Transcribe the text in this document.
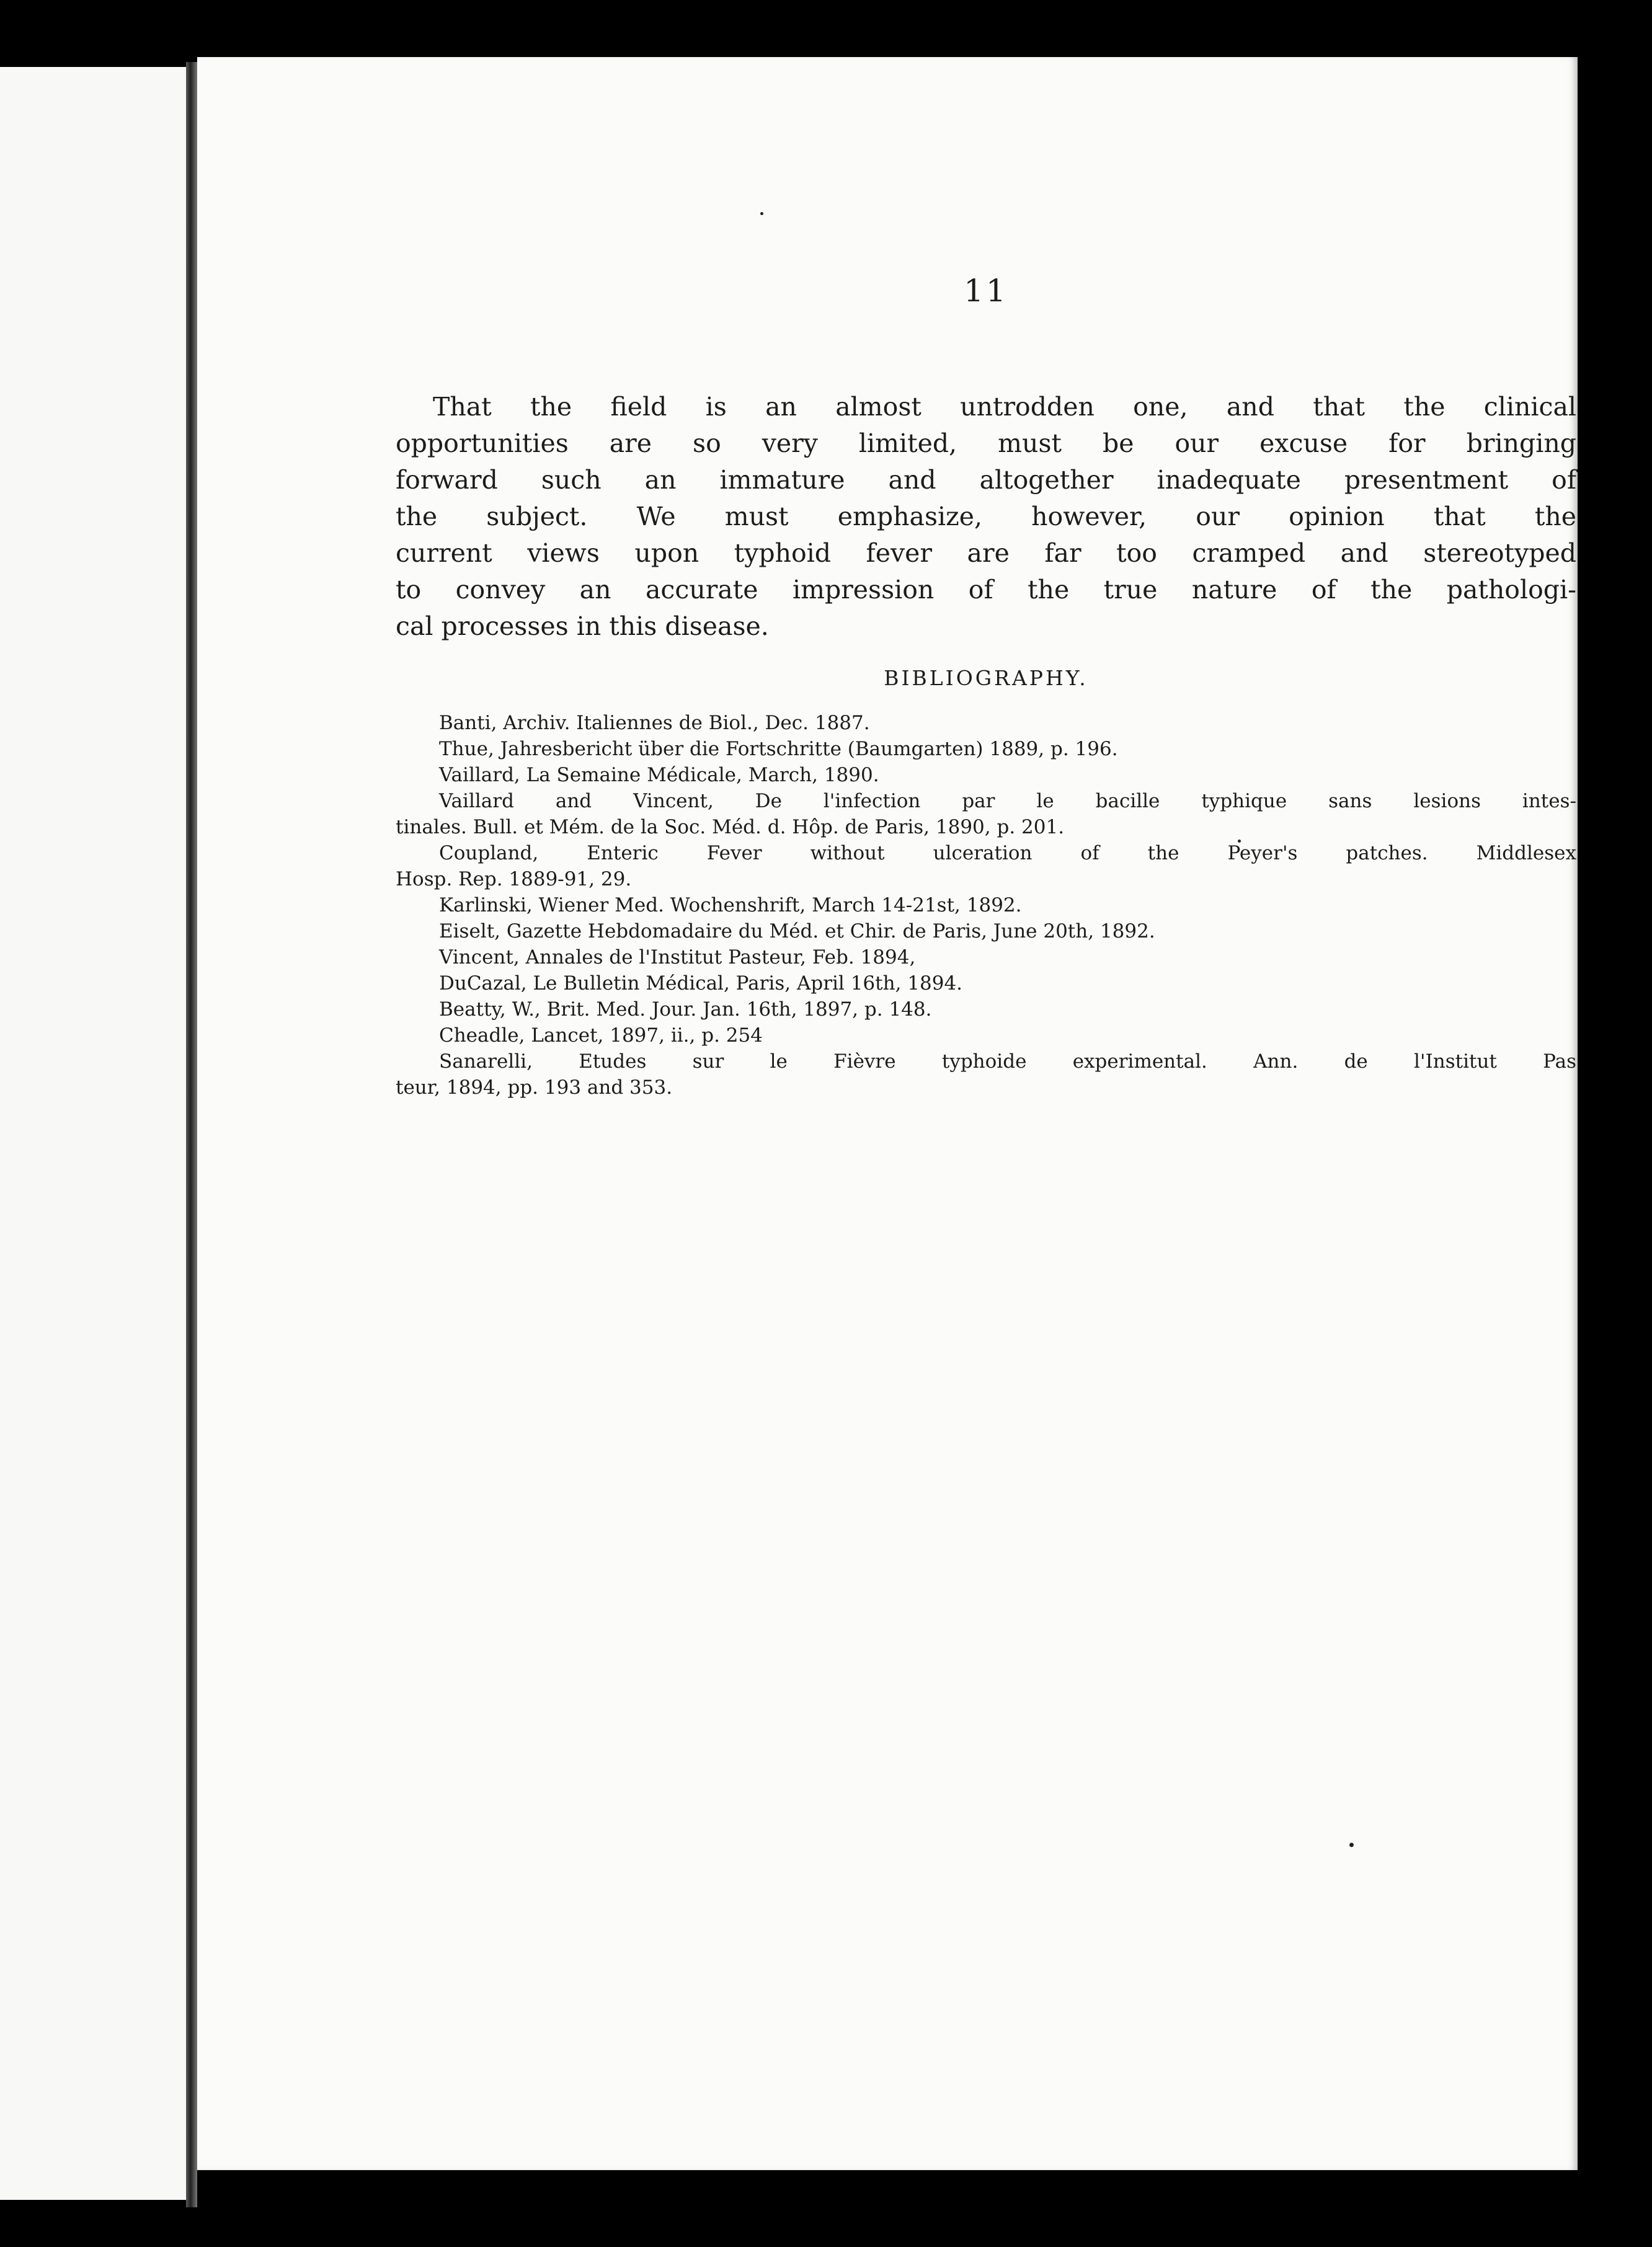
11
That the field is an almost untrodden one, and that the clinical
opportunities are so very limited, must be our excuse for bringing
forward such an immature and altogether inadequate presentment of
the subject. We must emphasize, however, our opinion that the
current views upon typhoid fever are far too cramped and stereotyped
to convey an accurate impression of the true nature of the pathologi-
cal processes in this disease.
BIBLIOGRAPHY.
Banti, Archiv. Italiennes de Biol., Dec. 1887.
Thue, Jahresbericht über die Fortschritte (Baumgarten) 1889, p. 196.
Vaillard, La Semaine Médicale, March, 1890.
Vaillard and Vincent, De l'infection par le bacille typhique sans lesions intes-
tinales. Bull. et Mém. de la Soc. Méd. d. Hôp. de Paris, 1890, p. 201.
Coupland, Enteric Fever without ulceration of the Peyer's patches. Middlesex
Hosp. Rep. 1889-91, 29.
Karlinski, Wiener Med. Wochenshrift, March 14-21st, 1892.
Eiselt, Gazette Hebdomadaire du Méd. et Chir. de Paris, June 20th, 1892.
Vincent, Annales de l'Institut Pasteur, Feb. 1894,
DuCazal, Le Bulletin Médical, Paris, April 16th, 1894.
Beatty, W., Brit. Med. Jour. Jan. 16th, 1897, p. 148.
Cheadle, Lancet, 1897, ii., p. 254
Sanarelli, Etudes sur le Fièvre typhoide experimental. Ann. de l'Institut Pas
teur, 1894, pp. 193 and 353.
